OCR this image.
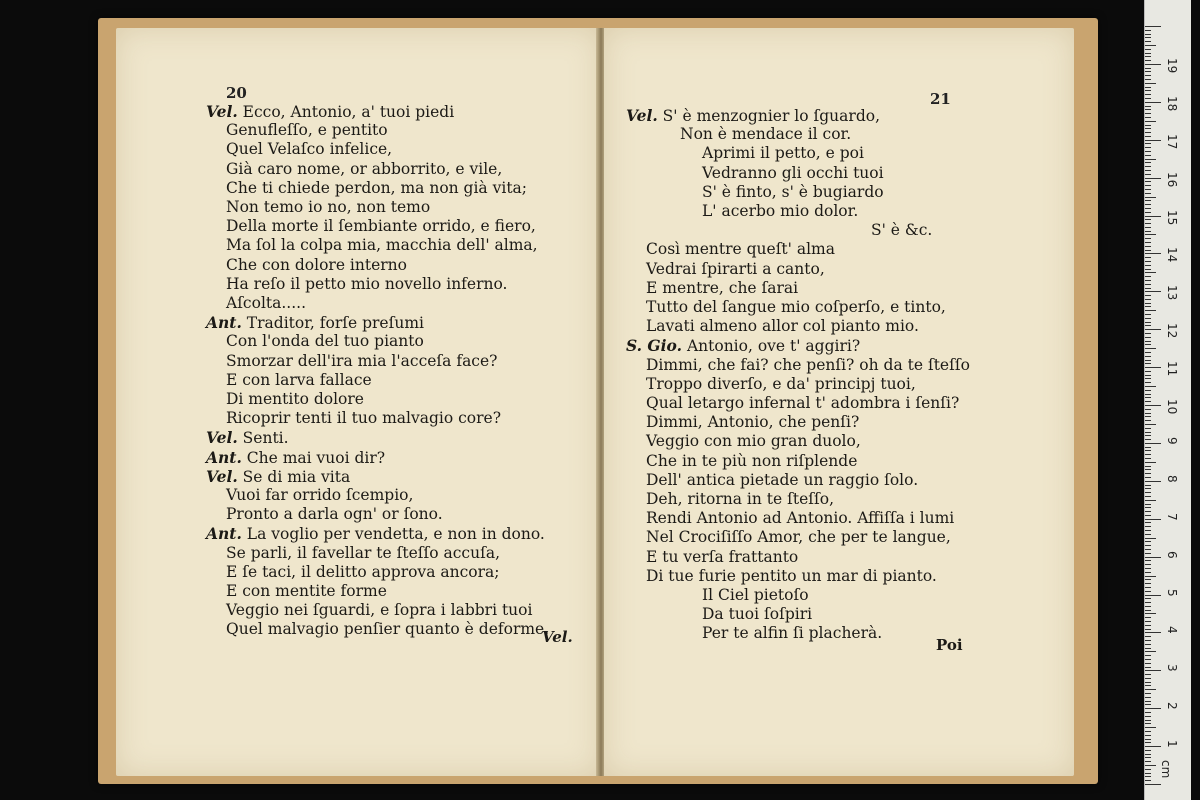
20
Vel. Ecco, Antonio, a' tuoi piedi
Genufleſſo, e pentito
Quel Velaſco infelice,
Già caro nome, or abborrito, e vile,
Che ti chiede perdon, ma non già vita;
Non temo io no, non temo
Della morte il ſembiante orrido, e fiero,
Ma ſol la colpa mia, macchia dell' alma,
Che con dolore interno
Ha reſo il petto mio novello inferno.
Aſcolta.....
Ant. Traditor, forſe preſumi
Con l'onda del tuo pianto
Smorzar dell'ira mia l'acceſa face?
E con larva fallace
Di mentito dolore
Ricoprir tenti il tuo malvagio core?
Vel. Senti.
Ant. Che mai vuoi dir?
Vel. Se di mia vita
Vuoi far orrido ſcempio,
Pronto a darla ogn' or ſono.
Ant. La voglio per vendetta, e non in dono.
Se parli, il favellar te ſteſſo accuſa,
E ſe taci, il delitto approva ancora;
E con mentite forme
Veggio nei ſguardi, e ſopra i labbri tuoi
Quel malvagio penſier quanto è deforme.
Vel.
21
Vel. S' è menzognier lo ſguardo,
Non è mendace il cor.
Aprimi il petto, e poi
Vedranno gli occhi tuoi
S' è finto, s' è bugiardo
L' acerbo mio dolor.
S' è &c.
Così mentre queſt' alma
Vedrai ſpirarti a canto,
E mentre, che ſarai
Tutto del ſangue mio coſperſo, e tinto,
Lavati almeno allor col pianto mio.
S. Gio. Antonio, ove t' aggiri?
Dimmi, che fai? che penſi? oh da te ſteſſo
Troppo diverſo, e da' principj tuoi,
Qual letargo infernal t' adombra i ſenſi?
Dimmi, Antonio, che penſi?
Veggio con mio gran duolo,
Che in te più non riſplende
Dell' antica pietade un raggio ſolo.
Deh, ritorna in te ſteſſo,
Rendi Antonio ad Antonio. Affiſſa i lumi
Nel Crociſiſſo Amor, che per te langue,
E tu verſa frattanto
Di tue furie pentito un mar di pianto.
Il Ciel pietoſo
Da tuoi ſoſpiri
Per te alfin ſi placherà.
Poi
cm
1
2
3
4
5
6
7
8
9
10
11
12
13
14
15
16
17
18
19
